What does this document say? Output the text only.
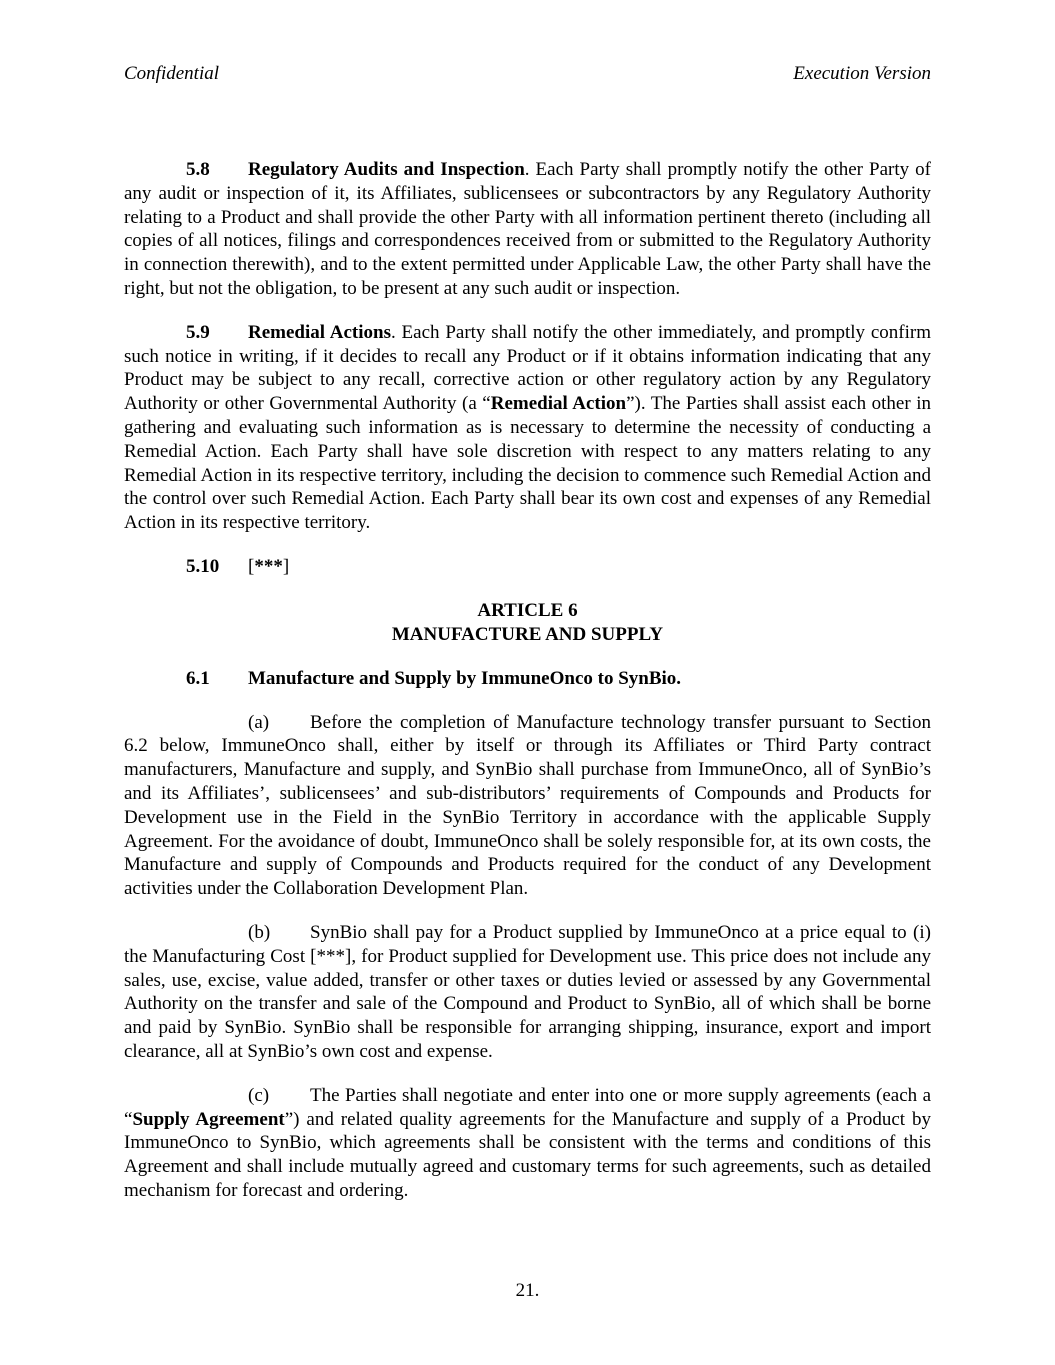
Confidential	Execution Version

5.8 Regulatory Audits and Inspection. Each Party shall promptly notify the other Party of any audit or inspection of it, its Affiliates, sublicensees or subcontractors by any Regulatory Authority relating to a Product and shall provide the other Party with all information pertinent thereto (including all copies of all notices, filings and correspondences received from or submitted to the Regulatory Authority in connection therewith), and to the extent permitted under Applicable Law, the other Party shall have the right, but not the obligation, to be present at any such audit or inspection.

5.9 Remedial Actions. Each Party shall notify the other immediately, and promptly confirm such notice in writing, if it decides to recall any Product or if it obtains information indicating that any Product may be subject to any recall, corrective action or other regulatory action by any Regulatory Authority or other Governmental Authority (a “Remedial Action”). The Parties shall assist each other in gathering and evaluating such information as is necessary to determine the necessity of conducting a Remedial Action. Each Party shall have sole discretion with respect to any matters relating to any Remedial Action in its respective territory, including the decision to commence such Remedial Action and the control over such Remedial Action. Each Party shall bear its own cost and expenses of any Remedial Action in its respective territory.

5.10 [***]

ARTICLE 6
MANUFACTURE AND SUPPLY
6.1 Manufacture and Supply by ImmuneOnco to SynBio.

(a) Before the completion of Manufacture technology transfer pursuant to Section 6.2 below, ImmuneOnco shall, either by itself or through its Affiliates or Third Party contract manufacturers, Manufacture and supply, and SynBio shall purchase from ImmuneOnco, all of SynBio’s and its Affiliates’, sublicensees’ and sub-distributors’ requirements of Compounds and Products for Development use in the Field in the SynBio Territory in accordance with the applicable Supply Agreement. For the avoidance of doubt, ImmuneOnco shall be solely responsible for, at its own costs, the Manufacture and supply of Compounds and Products required for the conduct of any Development activities under the Collaboration Development Plan.

(b) SynBio shall pay for a Product supplied by ImmuneOnco at a price equal to (i) the Manufacturing Cost [***], for Product supplied for Development use. This price does not include any sales, use, excise, value added, transfer or other taxes or duties levied or assessed by any Governmental Authority on the transfer and sale of the Compound and Product to SynBio, all of which shall be borne and paid by SynBio. SynBio shall be responsible for arranging shipping, insurance, export and import clearance, all at SynBio’s own cost and expense.

(c) The Parties shall negotiate and enter into one or more supply agreements (each a “Supply Agreement”) and related quality agreements for the Manufacture and supply of a Product by ImmuneOnco to SynBio, which agreements shall be consistent with the terms and conditions of this Agreement and shall include mutually agreed and customary terms for such agreements, such as detailed mechanism for forecast and ordering.

21.
